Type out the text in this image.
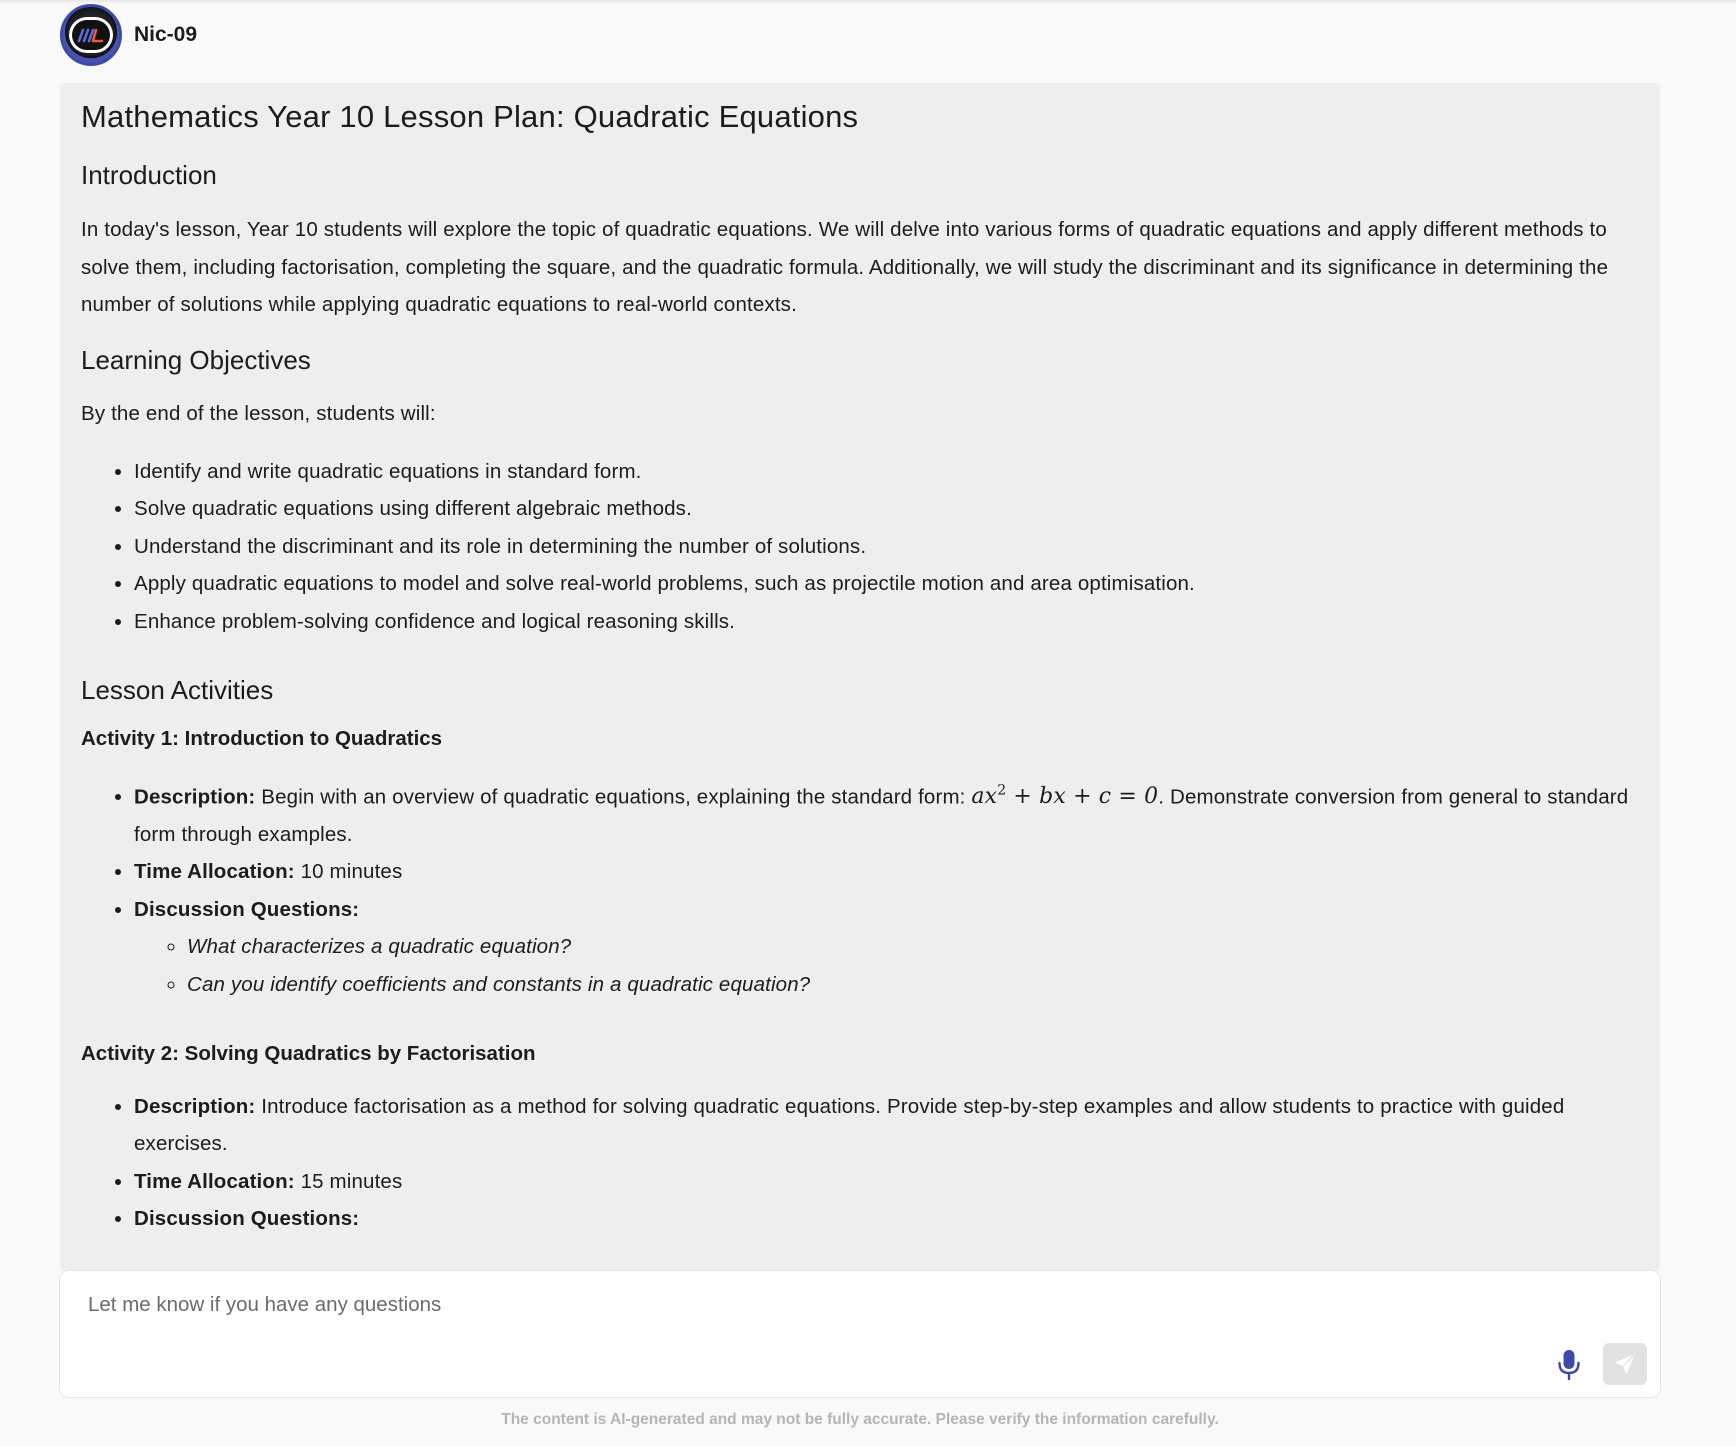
Nic-09
Mathematics Year 10 Lesson Plan: Quadratic Equations
Introduction

In today's lesson, Year 10 students will explore the topic of quadratic equations. We will delve into various forms of quadratic equations and apply different methods to solve them, including factorisation, completing the square, and the quadratic formula. Additionally, we will study the discriminant and its significance in determining the number of solutions while applying quadratic equations to real-world contexts.

Learning Objectives

By the end of the lesson, students will:

• Identify and write quadratic equations in standard form.
• Solve quadratic equations using different algebraic methods.
• Understand the discriminant and its role in determining the number of solutions.
• Apply quadratic equations to model and solve real-world problems, such as projectile motion and area optimisation.
• Enhance problem-solving confidence and logical reasoning skills.
Lesson Activities
Activity 1: Introduction to Quadratics
• Description: Begin with an overview of quadratic equations, explaining the standard form: $ax^2$ + bx + c = 0. Demonstrate conversion from general to standard form through examples.
• Time Allocation: 10 minutes
• Discussion Questions:
◦ What characterizes a quadratic equation?
◦ Can you identify coefficients and constants in a quadratic equation?
Activity 2: Solving Quadratics by Factorisation
• Description: Introduce factorisation as a method for solving quadratic equations. Provide step-by-step examples and allow students to practice with guided exercises.
• Time Allocation: 15 minutes
• Discussion Questions:
Let me know if you have any questions
The content is AI-generated and may not be fully accurate. Please verify the information carefully.
